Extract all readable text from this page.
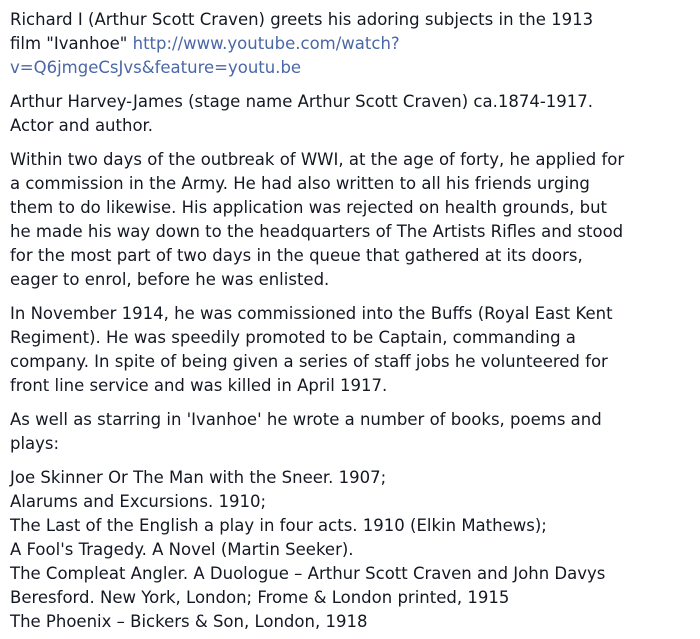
Richard I (Arthur Scott Craven) greets his adoring subjects in the 1913
film "Ivanhoe" http://www.youtube.com/watch?
v=Q6jmgeCsJvs&feature=youtu.be

Arthur Harvey-James (stage name Arthur Scott Craven) ca.1874-1917.
Actor and author.

Within two days of the outbreak of WWI, at the age of forty, he applied for
a commission in the Army. He had also written to all his friends urging
them to do likewise. His application was rejected on health grounds, but
he made his way down to the headquarters of The Artists Rifles and stood
for the most part of two days in the queue that gathered at its doors,
eager to enrol, before he was enlisted.

In November 1914, he was commissioned into the Buffs (Royal East Kent
Regiment). He was speedily promoted to be Captain, commanding a
company. In spite of being given a series of staff jobs he volunteered for
front line service and was killed in April 1917.

As well as starring in 'Ivanhoe' he wrote a number of books, poems and
plays:

Joe Skinner Or The Man with the Sneer. 1907;
Alarums and Excursions. 1910;
The Last of the English a play in four acts. 1910 (Elkin Mathews);
A Fool's Tragedy. A Novel (Martin Seeker).
The Compleat Angler. A Duologue – Arthur Scott Craven and John Davys
Beresford. New York, London; Frome & London printed, 1915
The Phoenix – Bickers & Son, London, 1918
